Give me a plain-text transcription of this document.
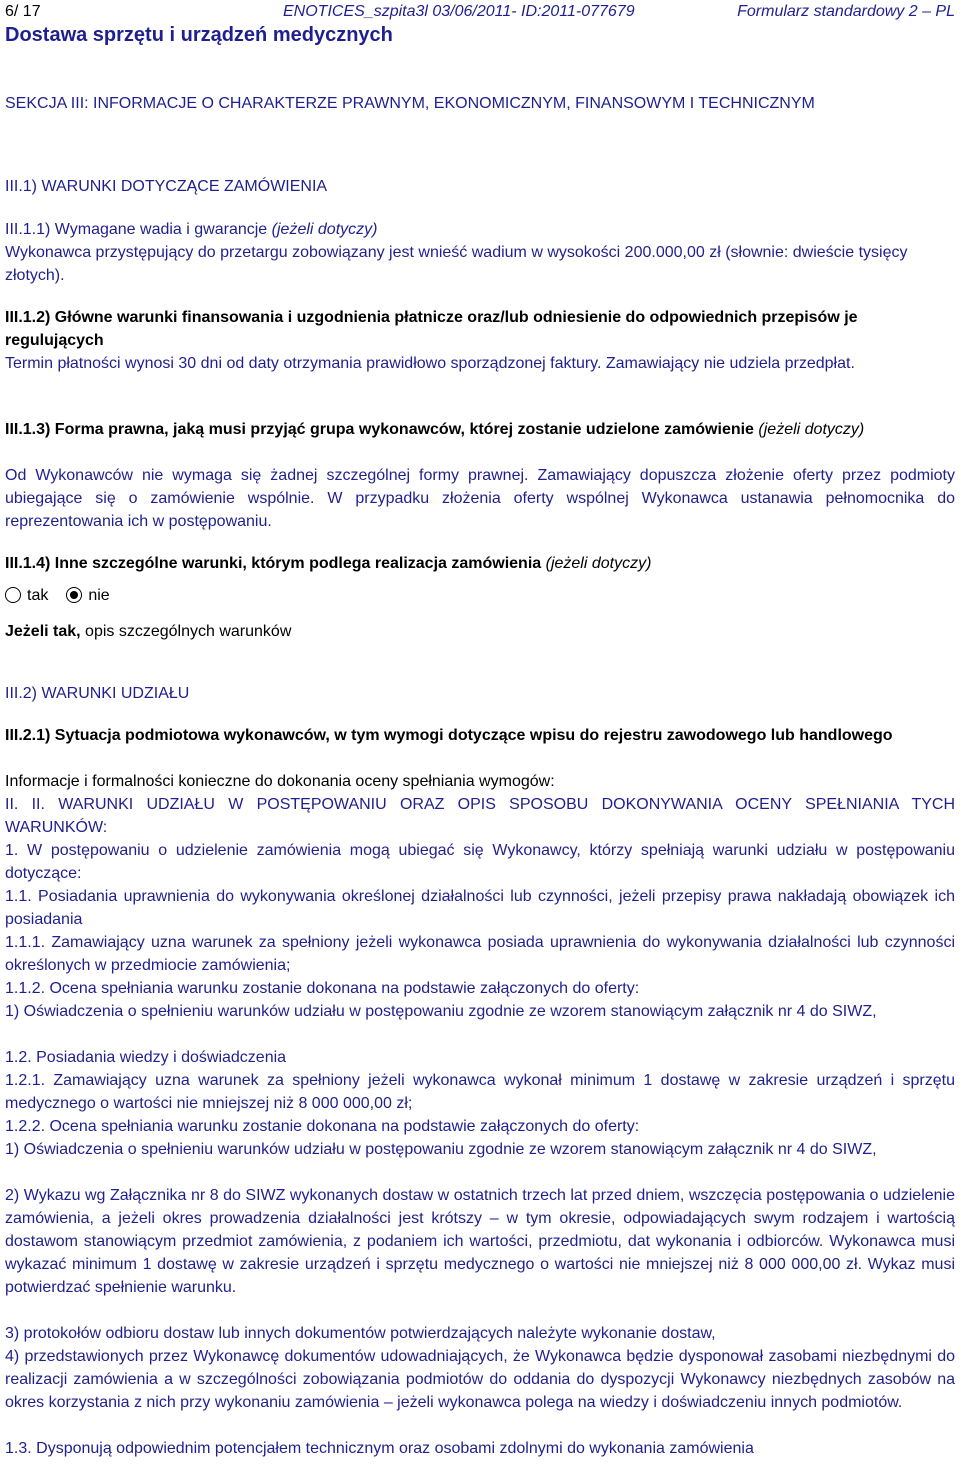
6/ 17	ENOTICES_szpita3l 03/06/2011- ID:2011-077679	Formularz standardowy 2 – PL
Dostawa sprzętu i urządzeń medycznych
SEKCJA III: INFORMACJE O CHARAKTERZE PRAWNYM, EKONOMICZNYM, FINANSOWYM I TECHNICZNYM
III.1) WARUNKI DOTYCZĄCE ZAMÓWIENIA
III.1.1) Wymagane wadia i gwarancje (jeżeli dotyczy)
Wykonawca przystępujący do przetargu zobowiązany jest wnieść wadium w wysokości 200.000,00 zł (słownie: dwieście tysięcy złotych).
III.1.2) Główne warunki finansowania i uzgodnienia płatnicze oraz/lub odniesienie do odpowiednich przepisów je regulujących
Termin płatności wynosi 30 dni od daty otrzymania prawidłowo sporządzonej faktury. Zamawiający nie udziela przedpłat.
III.1.3) Forma prawna, jaką musi przyjąć grupa wykonawców, której zostanie udzielone zamówienie (jeżeli dotyczy)
Od Wykonawców nie wymaga się żadnej szczególnej formy prawnej. Zamawiający dopuszcza złożenie oferty przez podmioty ubiegające się o zamówienie wspólnie. W przypadku złożenia oferty wspólnej Wykonawca ustanawia pełnomocnika do reprezentowania ich w postępowaniu.
III.1.4) Inne szczególne warunki, którym podlega realizacja zamówienia (jeżeli dotyczy)
tak	nie
Jeżeli tak, opis szczególnych warunków
III.2) WARUNKI UDZIAŁU
III.2.1) Sytuacja podmiotowa wykonawców, w tym wymogi dotyczące wpisu do rejestru zawodowego lub handlowego
Informacje i formalności konieczne do dokonania oceny spełniania wymogów:
II. II. WARUNKI UDZIAŁU W POSTĘPOWANIU ORAZ OPIS SPOSOBU DOKONYWANIA OCENY SPEŁNIANIA TYCH WARUNKÓW:
1. W postępowaniu o udzielenie zamówienia mogą ubiegać się Wykonawcy, którzy spełniają warunki udziału w postępowaniu dotyczące:
1.1. Posiadania uprawnienia do wykonywania określonej działalności lub czynności, jeżeli przepisy prawa nakładają obowiązek ich posiadania
1.1.1. Zamawiający uzna warunek za spełniony jeżeli wykonawca posiada uprawnienia do wykonywania działalności lub czynności określonych w przedmiocie zamówienia;
1.1.2. Ocena spełniania warunku zostanie dokonana na podstawie załączonych do oferty:
1) Oświadczenia o spełnieniu warunków udziału w postępowaniu zgodnie ze wzorem stanowiącym załącznik nr 4 do SIWZ,
1.2. Posiadania wiedzy i doświadczenia
1.2.1. Zamawiający uzna warunek za spełniony jeżeli wykonawca wykonał minimum 1 dostawę w zakresie urządzeń i sprzętu medycznego o wartości nie mniejszej niż 8 000 000,00 zł;
1.2.2. Ocena spełniania warunku zostanie dokonana na podstawie załączonych do oferty:
1) Oświadczenia o spełnieniu warunków udziału w postępowaniu zgodnie ze wzorem stanowiącym załącznik nr 4 do SIWZ,
2) Wykazu wg Załącznika nr 8 do SIWZ wykonanych dostaw w ostatnich trzech lat przed dniem, wszczęcia postępowania o udzielenie zamówienia, a jeżeli okres prowadzenia działalności jest krótszy – w tym okresie, odpowiadających swym rodzajem i wartością dostawom stanowiącym przedmiot zamówienia, z podaniem ich wartości, przedmiotu, dat wykonania i odbiorców. Wykonawca musi wykazać minimum 1 dostawę w zakresie urządzeń i sprzętu medycznego o wartości nie mniejszej niż 8 000 000,00 zł. Wykaz musi potwierdzać spełnienie warunku.
3) protokołów odbioru dostaw lub innych dokumentów potwierdzających należyte wykonanie dostaw,
4) przedstawionych przez Wykonawcę dokumentów udowadniających, że Wykonawca będzie dysponował zasobami niezbędnymi do realizacji zamówienia a w szczególności zobowiązania podmiotów do oddania do dyspozycji Wykonawcy niezbędnych zasobów na okres korzystania z nich przy wykonaniu zamówienia – jeżeli wykonawca polega na wiedzy i doświadczeniu innych podmiotów.
1.3. Dysponują odpowiednim potencjałem technicznym oraz osobami zdolnymi do wykonania zamówienia
